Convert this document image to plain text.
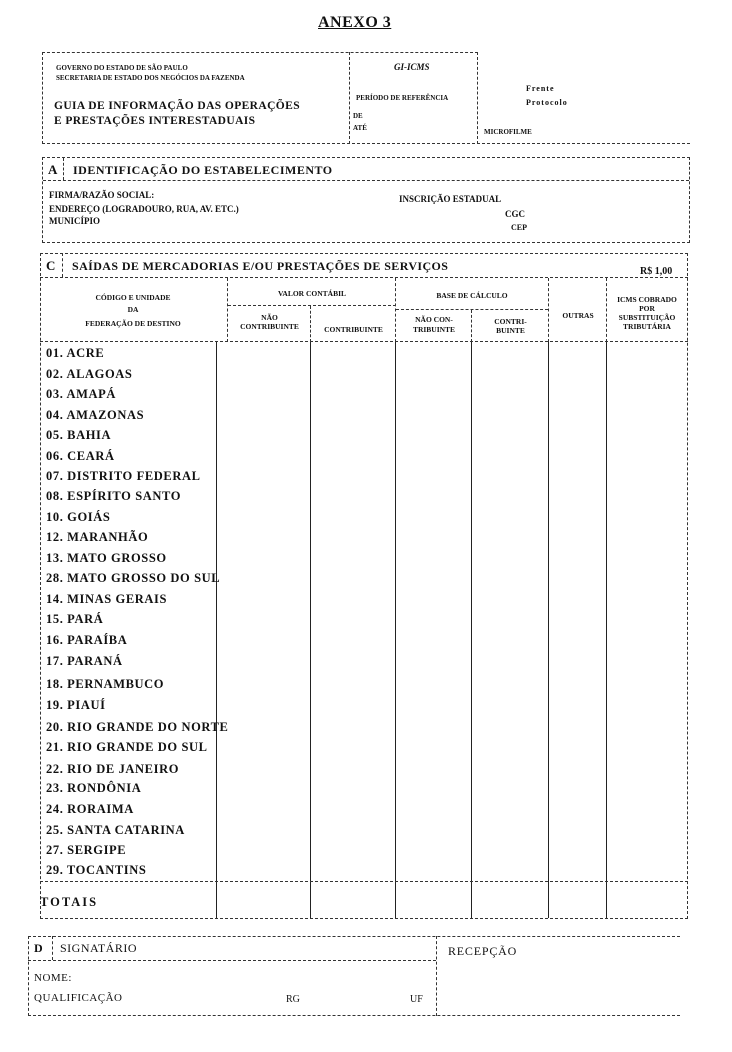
ANEXO 3
GOVERNO DO ESTADO DE SÃO PAULO
SECRETARIA DE ESTADO DOS NEGÓCIOS DA FAZENDA
GUIA DE INFORMAÇÃO DAS OPERAÇÕES
E PRESTAÇÕES INTERESTADUAIS
GI-ICMS
PERÍODO DE REFERÊNCIA
DE
ATÉ
Frente
Protocolo
MICROFILME
A IDENTIFICAÇÃO DO ESTABELECIMENTO
FIRMA/RAZÃO SOCIAL:
ENDEREÇO (LOGRADOURO, RUA, AV. ETC.)
MUNICÍPIO
INSCRIÇÃO ESTADUAL
CGC
CEP
C SAÍDAS DE MERCADORIAS E/OU PRESTAÇÕES DE SERVIÇOS	R$ 1,00
CÓDIGO E UNIDADE
DA
FEDERAÇÃO DE DESTINO
VALOR CONTÁBIL
NÃO
CONTRIBUINTE	CONTRIBUINTE
BASE DE CÁLCULO
NÃO CON-
TRIBUINTE
CONTRI-
BUINTE
OUTRAS
ICMS COBRADO
POR
SUBSTITUIÇÃO
TRIBUTÁRIA
01. ACRE
02. ALAGOAS
03. AMAPÁ
04. AMAZONAS
05. BAHIA
06. CEARÁ
07. DISTRITO FEDERAL
08. ESPÍRITO SANTO
10. GOIÁS
12. MARANHÃO
13. MATO GROSSO
28. MATO GROSSO DO SUL
14. MINAS GERAIS
15. PARÁ
16. PARAÍBA
17. PARANÁ
18. PERNAMBUCO
19. PIAUÍ
20. RIO GRANDE DO NORTE
21. RIO GRANDE DO SUL
22. RIO DE JANEIRO
23. RONDÔNIA
24. RORAIMA
25. SANTA CATARINA
27. SERGIPE
29. TOCANTINS
TOTAIS
D SIGNATÁRIO	RECEPÇÃO
NOME:
QUALIFICAÇÃO	RG	UF
